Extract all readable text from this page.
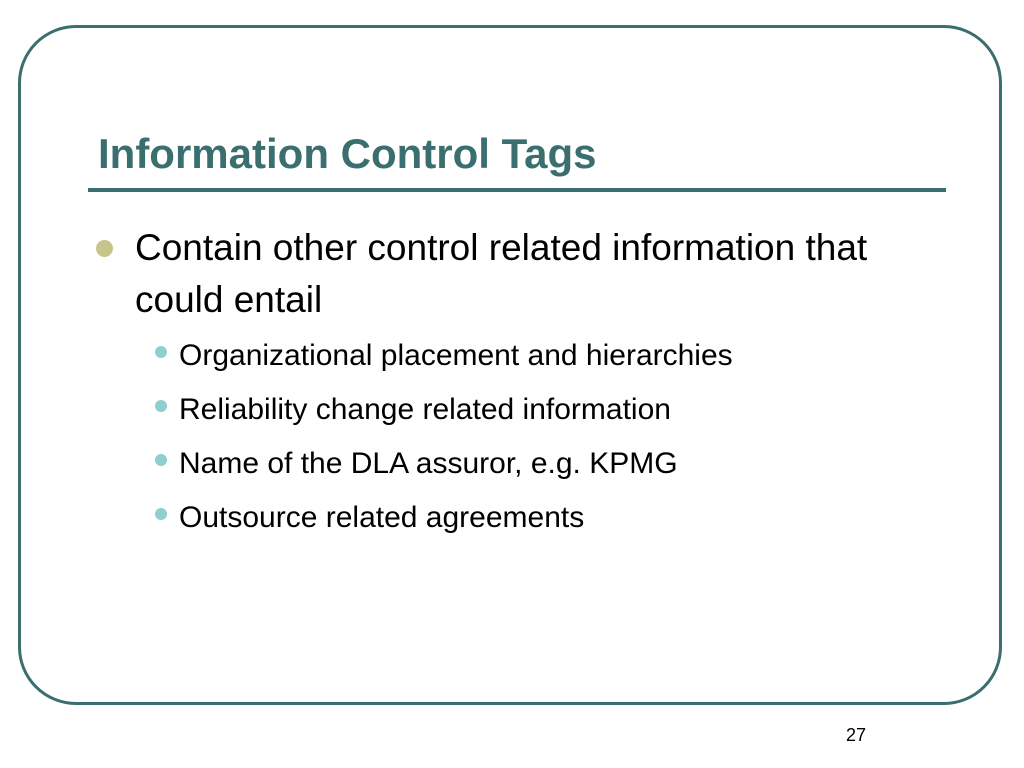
Information Control Tags
Contain other control related information that could entail
Organizational placement and hierarchies
Reliability change related information
Name of the DLA assuror, e.g. KPMG
Outsource related agreements
27
